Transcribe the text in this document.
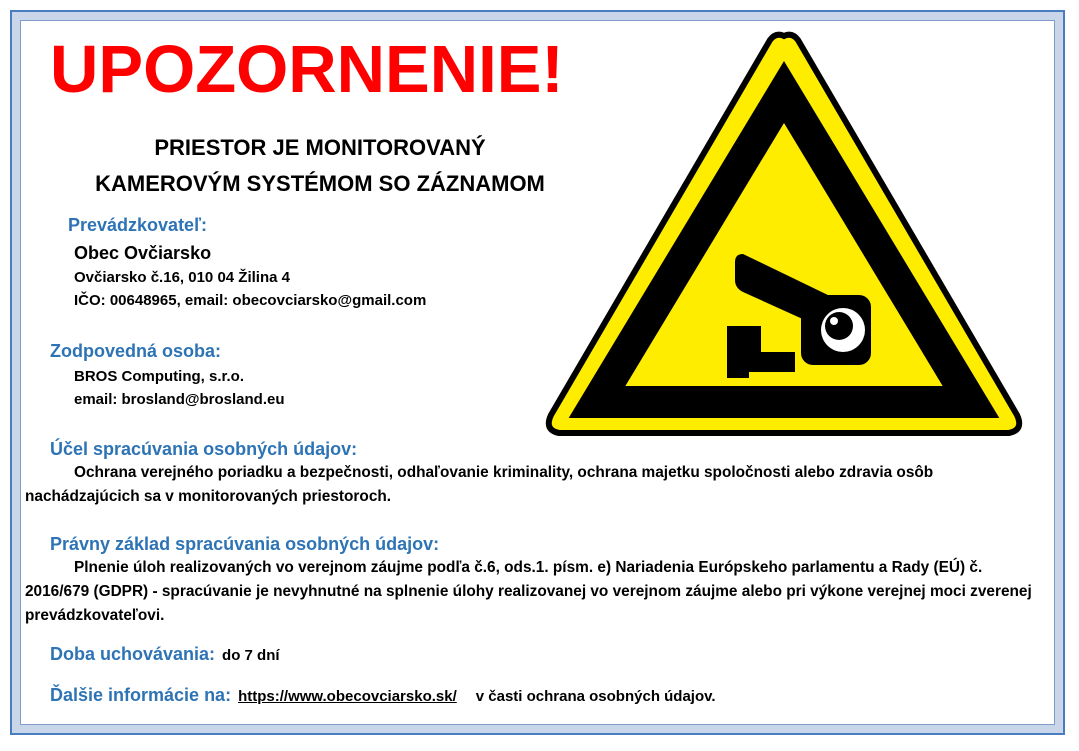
UPOZORNENIE!
PRIESTOR JE MONITOROVANÝ
KAMEROVÝM SYSTÉMOM SO ZÁZNAMOM
Prevádzkovateľ:
Obec Ovčiarsko
Ovčiarsko č.16, 010 04 Žilina 4
IČO: 00648965, email: obecovciarsko@gmail.com
Zodpovedná osoba:
BROS Computing, s.r.o.
email: brosland@brosland.eu
Účel spracúvania osobných údajov:
Ochrana verejného poriadku a bezpečnosti, odhaľovanie kriminality, ochrana majetku spoločnosti alebo zdravia osôb nachádzajúcich sa v monitorovaných priestoroch.
Právny základ spracúvania osobných údajov:
Plnenie úloh realizovaných vo verejnom záujme podľa č.6, ods.1. písm. e) Nariadenia Európskeho parlamentu a Rady (EÚ) č. 2016/679 (GDPR) - spracúvanie je nevyhnutné na splnenie úlohy realizovanej vo verejnom záujme alebo pri výkone verejnej moci zverenej prevádzkovateľovi.
Doba uchovávania: do 7 dní
Ďalšie informácie na: https://www.obecovciarsko.sk/ v časti ochrana osobných údajov.
